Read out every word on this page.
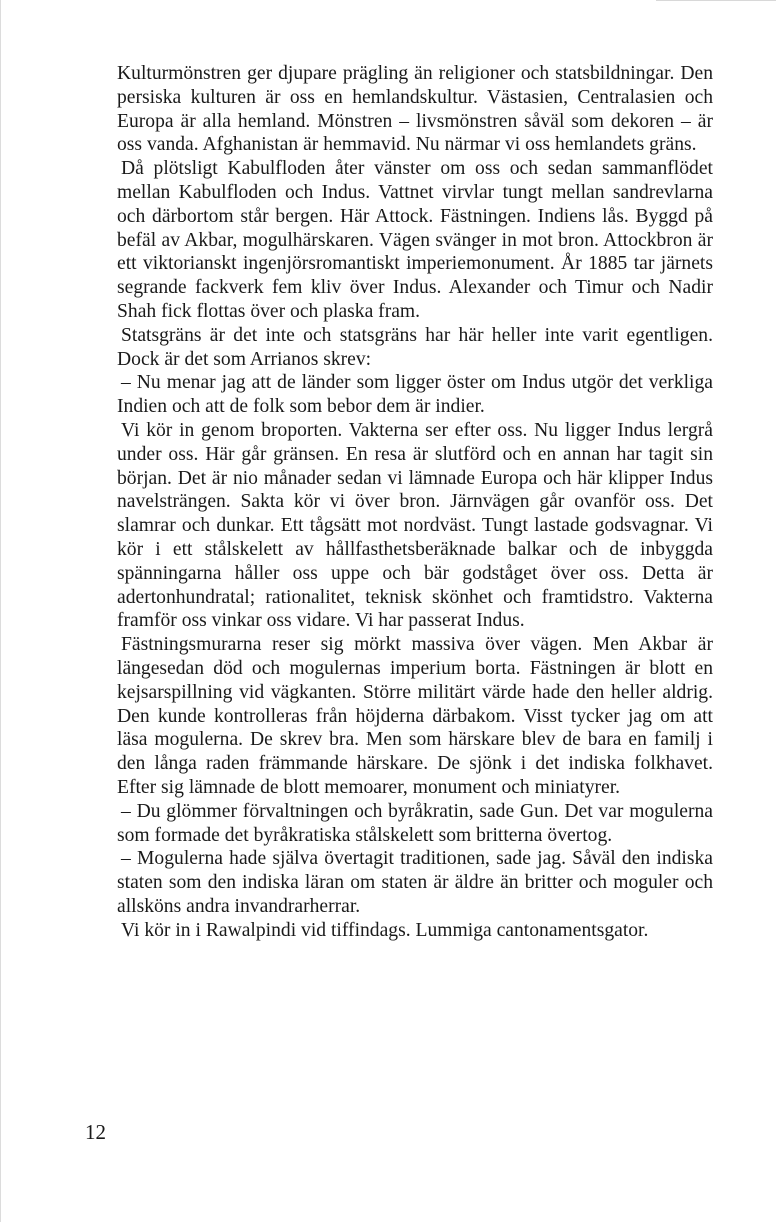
Kulturmönstren ger djupare prägling än religioner och statsbildningar. Den persiska kulturen är oss en hemlandskultur. Västasien, Centralasien och Europa är alla hemland. Mönstren – livsmönstren såväl som dekoren – är oss vanda. Afghanistan är hemmavid. Nu närmar vi oss hemlandets gräns.

Då plötsligt Kabulfloden åter vänster om oss och sedan sammanflödet mellan Kabulfloden och Indus. Vattnet virvlar tungt mellan sandrevlarna och därbortom står bergen. Här Attock. Fästningen. Indiens lås. Byggd på befäl av Akbar, mogulhärskaren. Vägen svänger in mot bron. Attockbron är ett viktorianskt ingenjörsromantiskt imperiemonument. År 1885 tar järnets segrande fackverk fem kliv över Indus. Alexander och Timur och Nadir Shah fick flottas över och plaska fram.

Statsgräns är det inte och statsgräns har här heller inte varit egentligen. Dock är det som Arrianos skrev:

– Nu menar jag att de länder som ligger öster om Indus utgör det verkliga Indien och att de folk som bebor dem är indier.

Vi kör in genom broporten. Vakterna ser efter oss. Nu ligger Indus lergrå under oss. Här går gränsen. En resa är slutförd och en annan har tagit sin början. Det är nio månader sedan vi lämnade Europa och här klipper Indus navelsträngen. Sakta kör vi över bron. Järnvägen går ovanför oss. Det slamrar och dunkar. Ett tågsätt mot nordväst. Tungt lastade godsvagnar. Vi kör i ett stålskelett av hållfasthetsberäknade balkar och de inbyggda spänningarna håller oss uppe och bär godståget över oss. Detta är adertonhundratal; rationalitet, teknisk skönhet och framtidstro. Vakterna framför oss vinkar oss vidare. Vi har passerat Indus.

Fästningsmurarna reser sig mörkt massiva över vägen. Men Akbar är längesedan död och mogulernas imperium borta. Fästningen är blott en kejsarspillning vid vägkanten. Större militärt värde hade den heller aldrig. Den kunde kontrolleras från höjderna därbakom. Visst tycker jag om att läsa mogulerna. De skrev bra. Men som härskare blev de bara en familj i den långa raden främmande härskare. De sjönk i det indiska folkhavet. Efter sig lämnade de blott memoarer, monument och miniatyrer.

– Du glömmer förvaltningen och byråkratin, sade Gun. Det var mogulerna som formade det byråkratiska stålskelett som britterna övertog.

– Mogulerna hade själva övertagit traditionen, sade jag. Såväl den indiska staten som den indiska läran om staten är äldre än britter och moguler och allsköns andra invandrarherrar.

Vi kör in i Rawalpindi vid tiffindags. Lummiga cantonamentsgator.

12
